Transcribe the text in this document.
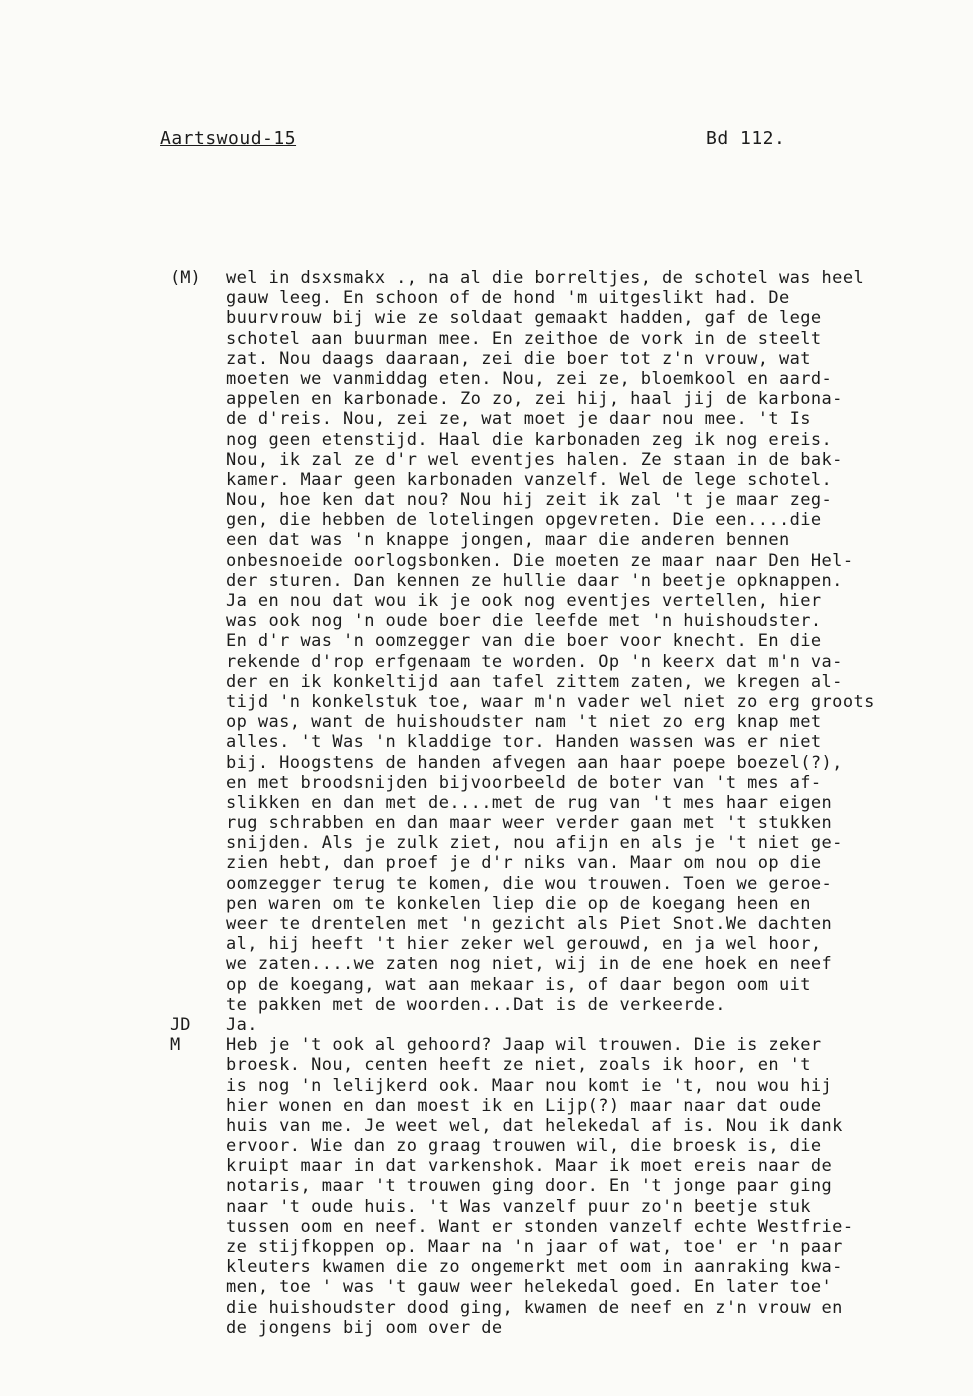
Aartswoud-15	Bd 112.
(M) wel in dsxsmakx ., na al die borreltjes, de schotel was heel
gauw leeg. En schoon of de hond 'm uitgeslikt had. De
buurvrouw bij wie ze soldaat gemaakt hadden, gaf de lege
schotel aan buurman mee. En zeithoe de vork in de steelt
zat. Nou daags daaraan, zei die boer tot z'n vrouw, wat
moeten we vanmiddag eten. Nou, zei ze, bloemkool en aard-
appelen en karbonade. Zo zo, zei hij, haal jij de karbona-
de d'reis. Nou, zei ze, wat moet je daar nou mee. 't Is
nog geen etenstijd. Haal die karbonaden zeg ik nog ereis.
Nou, ik zal ze d'r wel eventjes halen. Ze staan in de bak-
kamer. Maar geen karbonaden vanzelf. Wel de lege schotel.
Nou, hoe ken dat nou? Nou hij zeit ik zal 't je maar zeg-
gen, die hebben de lotelingen opgevreten. Die een....die
een dat was 'n knappe jongen, maar die anderen bennen
onbesnoeide oorlogsbonken. Die moeten ze maar naar Den Hel-
der sturen. Dan kennen ze hullie daar 'n beetje opknappen.
Ja en nou dat wou ik je ook nog eventjes vertellen, hier
was ook nog 'n oude boer die leefde met 'n huishoudster.
En d'r was 'n oomzegger van die boer voor knecht. En die
rekende d'rop erfgenaam te worden. Op 'n keerx dat m'n va-
der en ik konkeltijd aan tafel zittem zaten, we kregen al-
tijd 'n konkelstuk toe, waar m'n vader wel niet zo erg groots
op was, want de huishoudster nam 't niet zo erg knap met
alles. 't Was 'n kladdige tor. Handen wassen was er niet
bij. Hoogstens de handen afvegen aan haar poepe boezel(?),
en met broodsnijden bijvoorbeeld de boter van 't mes af-
slikken en dan met de....met de rug van 't mes haar eigen
rug schrabben en dan maar weer verder gaan met 't stukken
snijden. Als je zulk ziet, nou afijn en als je 't niet ge-
zien hebt, dan proef je d'r niks van. Maar om nou op die
oomzegger terug te komen, die wou trouwen. Toen we geroe-
pen waren om te konkelen liep die op de koegang heen en
weer te drentelen met 'n gezicht als Piet Snot.We dachten
al, hij heeft 't hier zeker wel gerouwd, en ja wel hoor,
we zaten....we zaten nog niet, wij in de ene hoek en neef
op de koegang, wat aan mekaar is, of daar begon oom uit
te pakken met de woorden...Dat is de verkeerde.
JD Ja.
M	Heb je 't ook al gehoord? Jaap wil trouwen. Die is zeker
broesk. Nou, centen heeft ze niet, zoals ik hoor, en 't
is nog 'n lelijkerd ook. Maar nou komt ie 't, nou wou hij
hier wonen en dan moest ik en Lijp(?) maar naar dat oude
huis van me. Je weet wel, dat helekedal af is. Nou ik dank
ervoor. Wie dan zo graag trouwen wil, die broesk is, die
kruipt maar in dat varkenshok. Maar ik moet ereis naar de
notaris, maar 't trouwen ging door. En 't jonge paar ging
naar 't oude huis. 't Was vanzelf puur zo'n beetje stuk
tussen oom en neef. Want er stonden vanzelf echte Westfrie-
ze stijfkoppen op. Maar na 'n jaar of wat, toe' er 'n paar
kleuters kwamen die zo ongemerkt met oom in aanraking kwa-
men, toe ' was 't gauw weer helekedal goed. En later toe'
die huishoudster dood ging, kwamen de neef en z'n vrouw en
de jongens bij oom over de
